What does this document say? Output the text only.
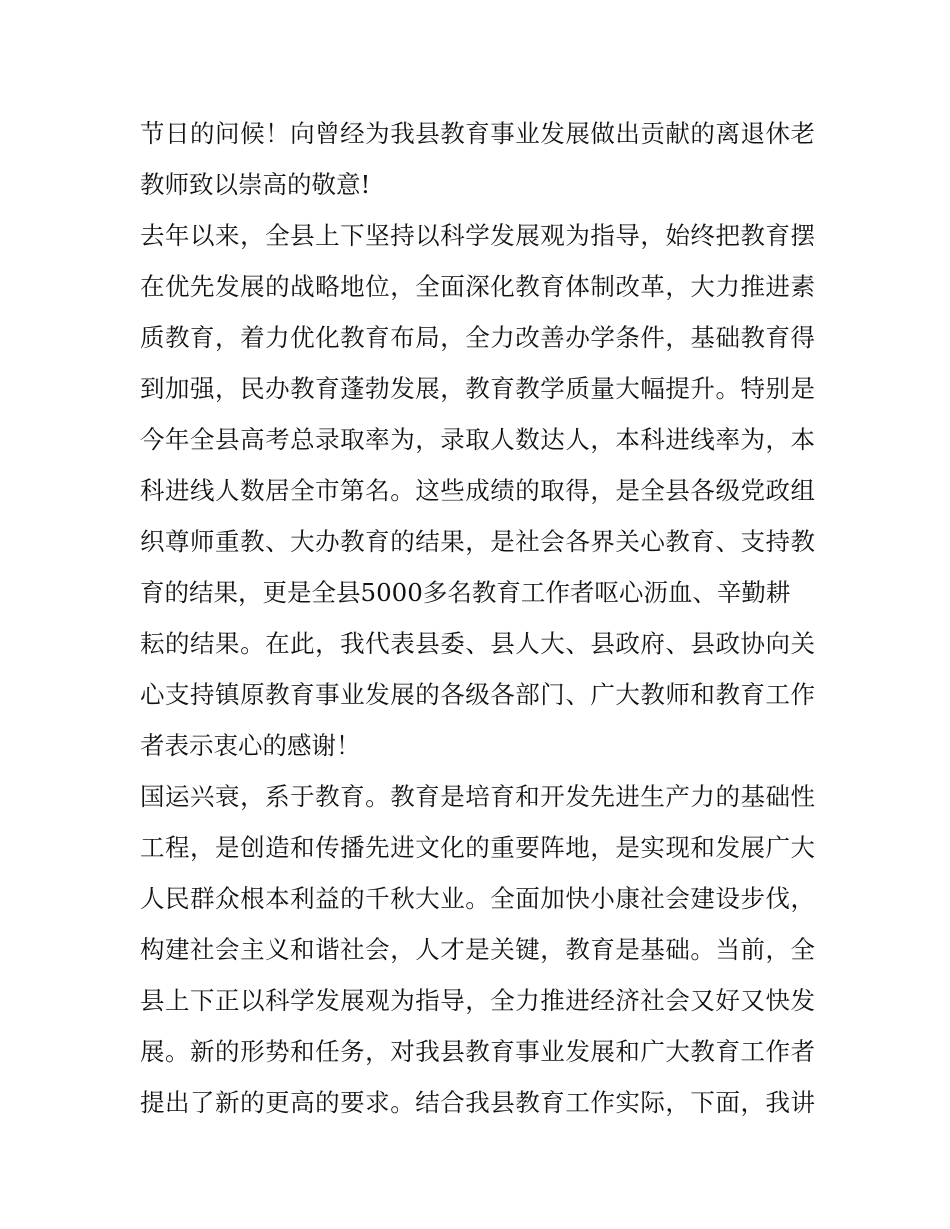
节日的问候！向曾经为我县教育事业发展做出贡献的离退休老
教师致以崇高的敬意!
去年以来，全县上下坚持以科学发展观为指导，始终把教育摆
在优先发展的战略地位，全面深化教育体制改革，大力推进素
质教育，着力优化教育布局，全力改善办学条件，基础教育得
到加强，民办教育蓬勃发展，教育教学质量大幅提升。特别是
今年全县高考总录取率为，录取人数达人，本科进线率为，本
科进线人数居全市第名。这些成绩的取得，是全县各级党政组
织尊师重教、大办教育的结果，是社会各界关心教育、支持教
育的结果，更是全县5000多名教育工作者呕心沥血、辛勤耕
耘的结果。在此，我代表县委、县人大、县政府、县政协向关
心支持镇原教育事业发展的各级各部门、广大教师和教育工作
者表示衷心的感谢！
国运兴衰，系于教育。教育是培育和开发先进生产力的基础性
工程，是创造和传播先进文化的重要阵地，是实现和发展广大
人民群众根本利益的千秋大业。全面加快小康社会建设步伐，
构建社会主义和谐社会，人才是关键，教育是基础。当前，全
县上下正以科学发展观为指导，全力推进经济社会又好又快发
展。新的形势和任务，对我县教育事业发展和广大教育工作者
提出了新的更高的要求。结合我县教育工作实际，下面，我讲
